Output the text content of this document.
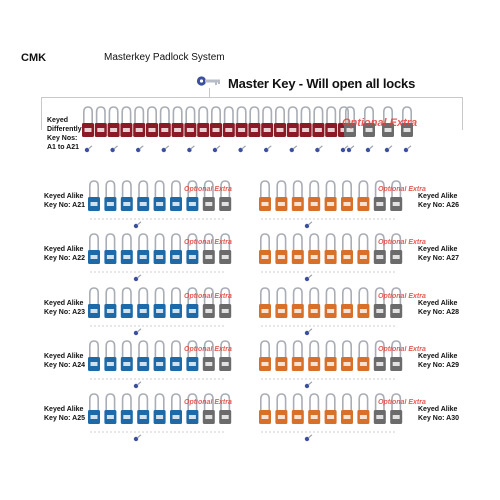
CMK	Masterkey Padlock System
Master Key - Will open all locks
Keyed
Differently
Key Nos:
A1 to A21
Optional Extra
Keyed Alike
Key No: A21
Optional Extra
Keyed Alike
Key No: A22
Optional Extra
Keyed Alike
Key No: A23
Optional Extra
Keyed Alike
Key No: A24
Optional Extra
Keyed Alike
Key No: A25
Optional Extra
Keyed Alike
Key No: A26
Optional Extra
Keyed Alike
Key No: A27
Optional Extra
Keyed Alike
Key No: A28
Optional Extra
Keyed Alike
Key No: A29
Optional Extra
Keyed Alike
Key No: A30
Optional Extra
